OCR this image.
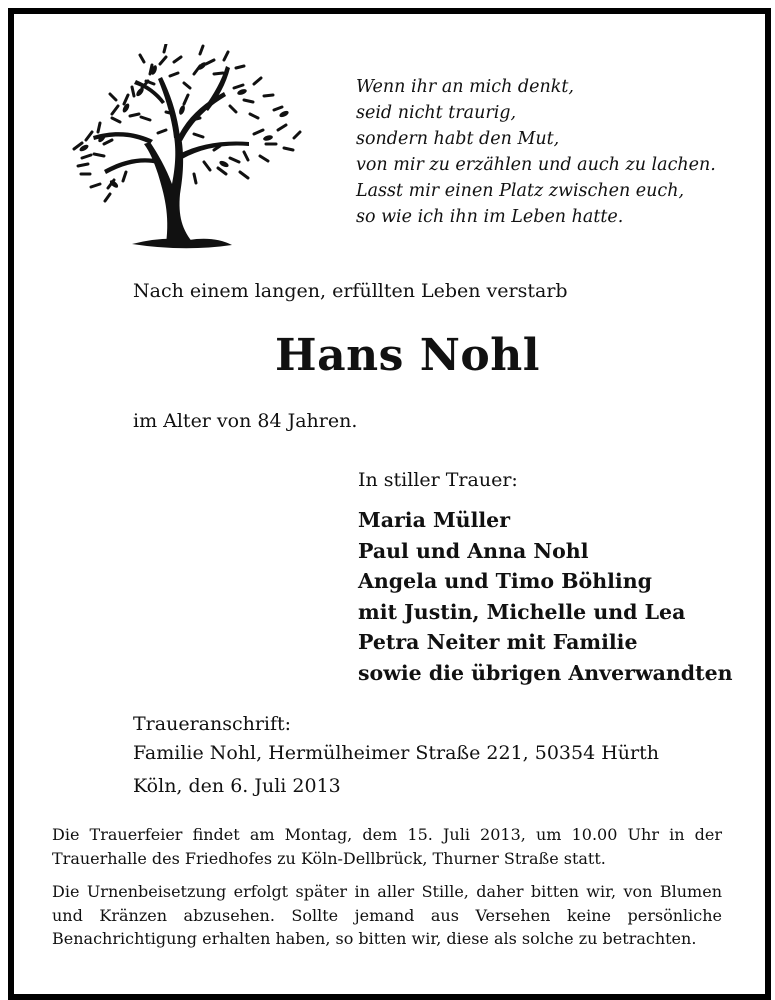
Wenn ihr an mich denkt,
seid nicht traurig,
sondern habt den Mut,
von mir zu erzählen und auch zu lachen.
Lasst mir einen Platz zwischen euch,
so wie ich ihn im Leben hatte.
Nach einem langen, erfüllten Leben verstarb
Hans Nohl
im Alter von 84 Jahren.
In stiller Trauer:
Maria Müller
Paul und Anna Nohl
Angela und Timo Böhling
mit Justin, Michelle und Lea
Petra Neiter mit Familie
sowie die übrigen Anverwandten
Traueranschrift:
Familie Nohl, Hermülheimer Straße 221, 50354 Hürth
Köln, den 6. Juli 2013
Die Trauerfeier findet am Montag, dem 15. Juli 2013, um 10.00 Uhr in der Trauerhalle des Friedhofes zu Köln-Dellbrück, Thurner Straße statt.
Die Urnenbeisetzung erfolgt später in aller Stille, daher bitten wir, von Blumen und Kränzen abzusehen. Sollte jemand aus Versehen keine persönliche Benachrichtigung erhalten haben, so bitten wir, diese als solche zu betrachten.
